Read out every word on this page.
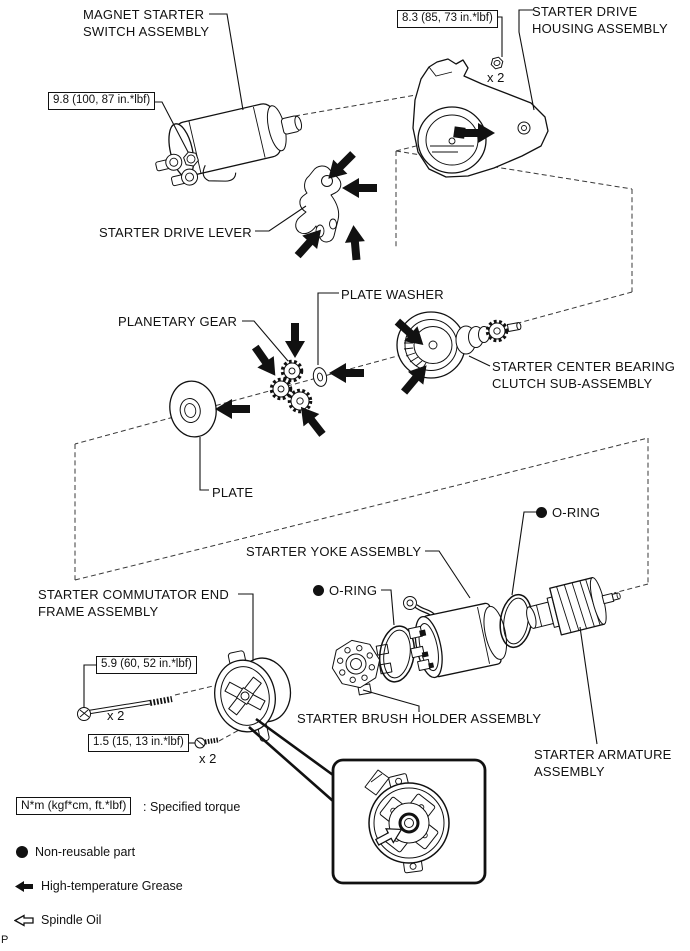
MAGNET STARTER
SWITCH ASSEMBLY
8.3 (85, 73 in.*lbf)
x 2
STARTER DRIVE
HOUSING ASSEMBLY
9.8 (100, 87 in.*lbf)
STARTER DRIVE LEVER
PLATE WASHER
PLANETARY GEAR
STARTER CENTER BEARING
CLUTCH SUB-ASSEMBLY
PLATE
O-RING
STARTER YOKE ASSEMBLY
O-RING
STARTER COMMUTATOR END
FRAME ASSEMBLY
5.9 (60, 52 in.*lbf)
x 2
1.5 (15, 13 in.*lbf)
x 2
STARTER BRUSH HOLDER ASSEMBLY
STARTER ARMATURE
ASSEMBLY
N*m (kgf*cm, ft.*lbf)	: Specified torque
Non-reusable part
High-temperature Grease
Spindle Oil
P
